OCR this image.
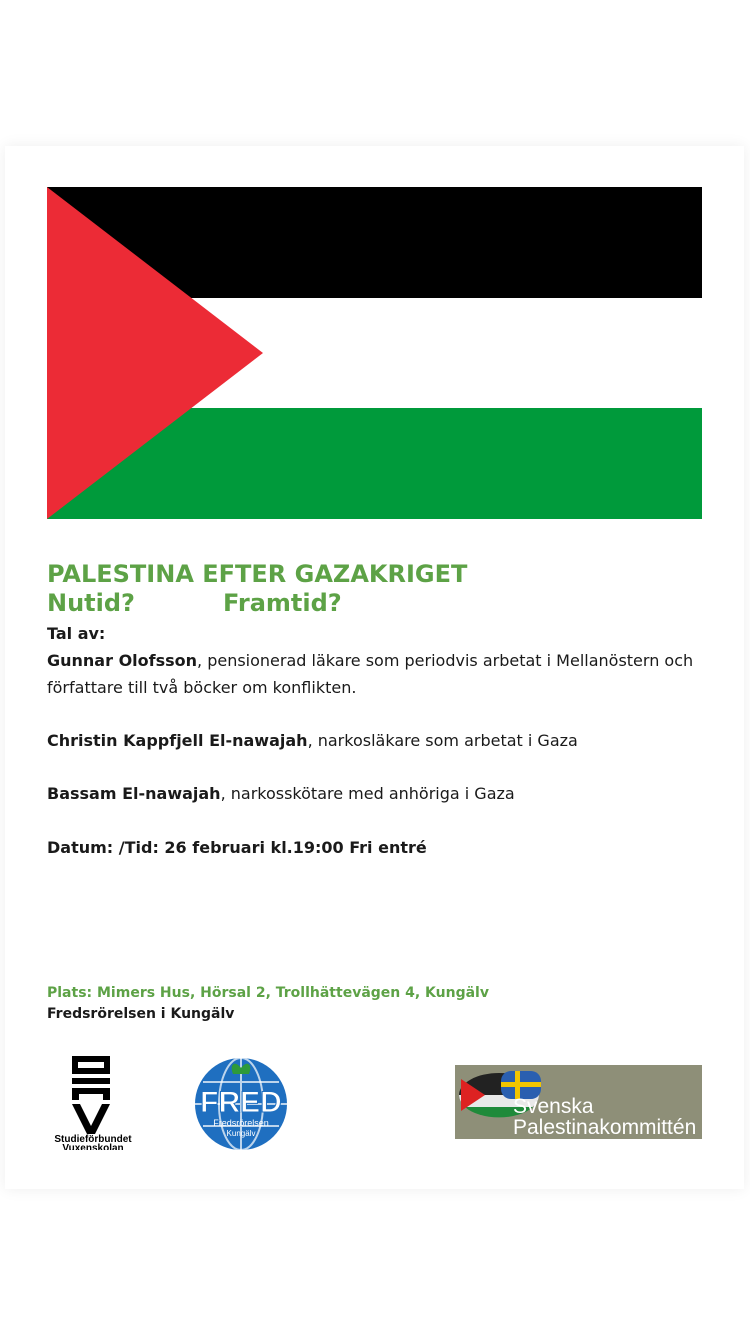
PALESTINA EFTER GAZAKRIGET
Nutid?	Framtid?
Tal av:

Gunnar Olofsson, pensionerad läkare som periodvis arbetat i Mellanöstern och författare till två böcker om konflikten.

Christin Kappfjell El-nawajah, narkosläkare som arbetat i Gaza

Bassam El-nawajah, narkosskötare med anhöriga i Gaza

Datum: /Tid: 26 februari kl.19:00 Fri entré

Plats: Mimers Hus, Hörsal 2, Trollhättevägen 4, Kungälv

Fredsrörelsen i Kungälv

Studieförbundet
Vuxenskolan
FRED
Fredsrörelsen
Kungälv
Svenska
Palestinakommittén
